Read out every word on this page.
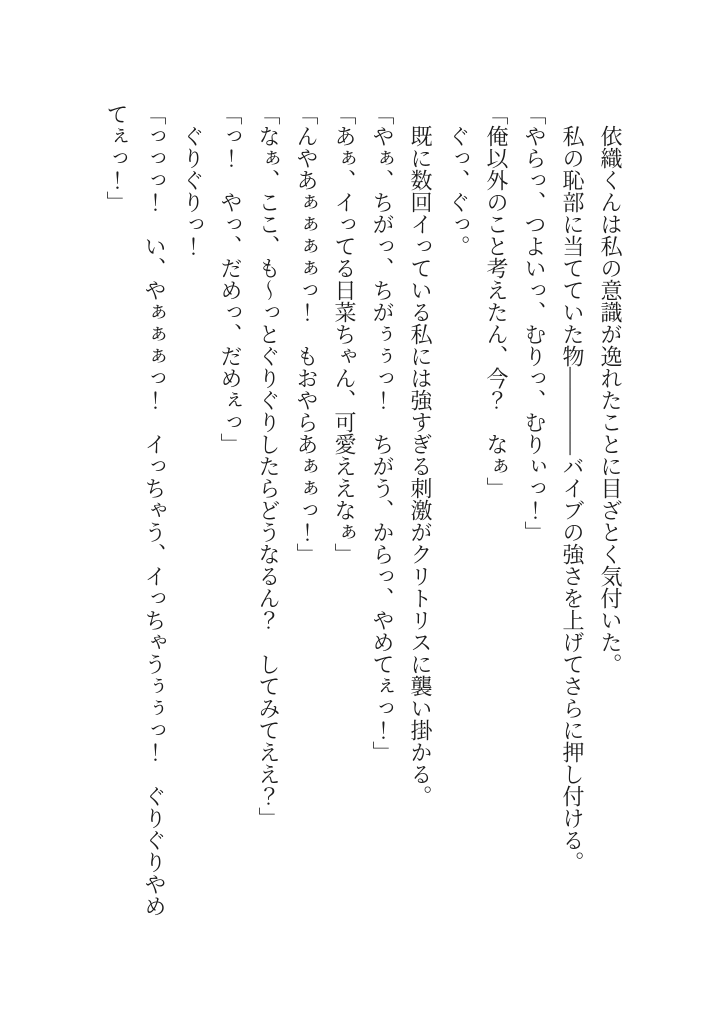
　依織くんは私の意識が逸れたことに目ざとく気付いた。

　私の恥部に当てていた物――――バイブの強さを上げてさらに押し付ける。

「やらっ、つよいっ、むりっ、むりぃっ！」

「俺以外のこと考えたん、今？　なぁ」

　ぐっ、ぐっ。

　既に数回イっている私には強すぎる刺激がクリトリスに襲い掛かる。

「やぁ、ちがっ、ちがぅぅっ！　ちがう、からっ、やめてぇっ！」

「あぁ、イってる日菜ちゃん、可愛ええなぁ」

「んやあぁぁぁぁっ！　もおやらあぁぁっ！」

「なぁ、ここ、も〜っとぐりぐりしたらどうなるん？　してみてええ？」

「っ！　やっ、だめっ、だめぇっ」

　ぐりぐりっ！

「っっっ！　い、やぁぁぁっ！　イっちゃう、イっちゃうぅぅっ！　ぐりぐりやめてぇっ！」
